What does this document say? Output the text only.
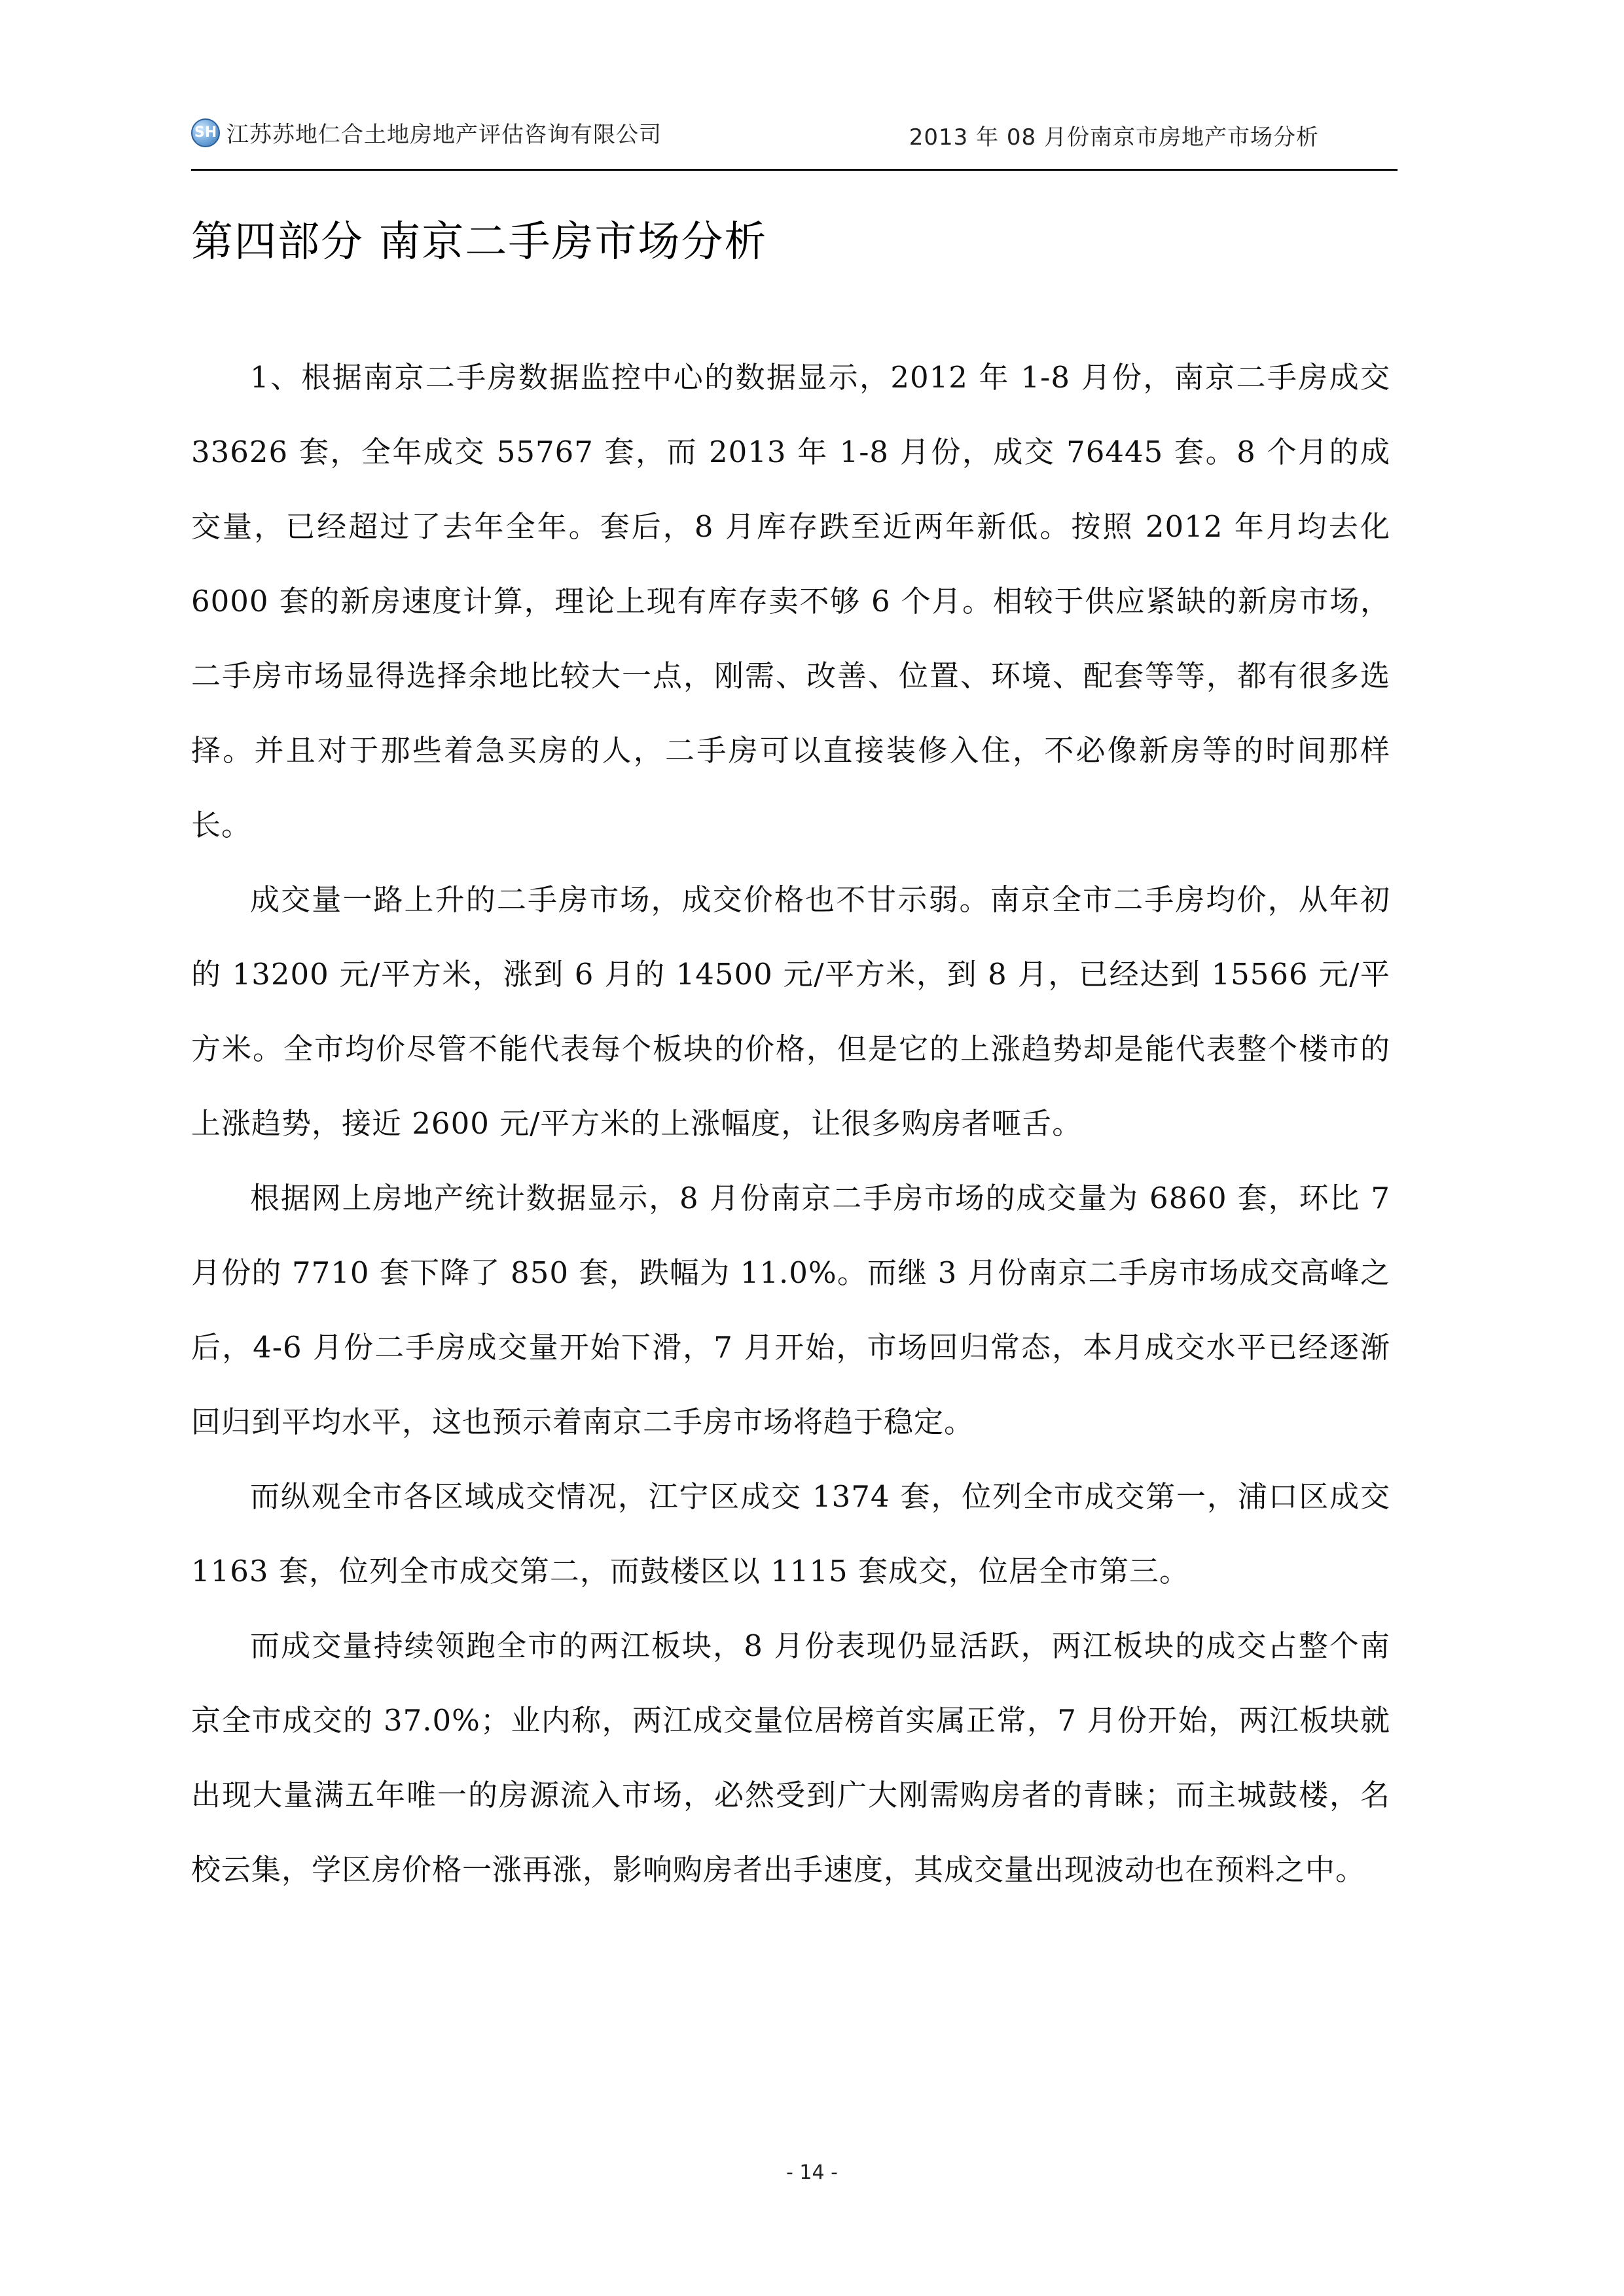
SH 江苏苏地仁合土地房地产评估咨询有限公司	2013 年 08 月份南京市房地产市场分析
第四部分 南京二手房市场分析

1、根据南京二手房数据监控中心的数据显示，2012 年 1-8 月份，南京二手房成交 33626 套，全年成交 55767 套，而 2013 年 1-8 月份，成交 76445 套。8 个月的成交量，已经超过了去年全年。套后，8 月库存跌至近两年新低。按照 2012 年月均去化 6000 套的新房速度计算，理论上现有库存卖不够 6 个月。相较于供应紧缺的新房市场，二手房市场显得选择余地比较大一点，刚需、改善、位置、环境、配套等等，都有很多选择。并且对于那些着急买房的人，二手房可以直接装修入住，不必像新房等的时间那样长。

成交量一路上升的二手房市场，成交价格也不甘示弱。南京全市二手房均价，从年初的 13200 元/平方米，涨到 6 月的 14500 元/平方米，到 8 月，已经达到 15566 元/平方米。全市均价尽管不能代表每个板块的价格，但是它的上涨趋势却是能代表整个楼市的上涨趋势，接近 2600 元/平方米的上涨幅度，让很多购房者咂舌。

根据网上房地产统计数据显示，8 月份南京二手房市场的成交量为 6860 套，环比 7 月份的 7710 套下降了 850 套，跌幅为 11.0%。而继 3 月份南京二手房市场成交高峰之后，4-6 月份二手房成交量开始下滑，7 月开始，市场回归常态，本月成交水平已经逐渐回归到平均水平，这也预示着南京二手房市场将趋于稳定。

而纵观全市各区域成交情况，江宁区成交 1374 套，位列全市成交第一，浦口区成交 1163 套，位列全市成交第二，而鼓楼区以 1115 套成交，位居全市第三。

而成交量持续领跑全市的两江板块，8 月份表现仍显活跃，两江板块的成交占整个南京全市成交的 37.0%；业内称，两江成交量位居榜首实属正常，7 月份开始，两江板块就出现大量满五年唯一的房源流入市场，必然受到广大刚需购房者的青睐；而主城鼓楼，名校云集，学区房价格一涨再涨，影响购房者出手速度，其成交量出现波动也在预料之中。

- 14 -
